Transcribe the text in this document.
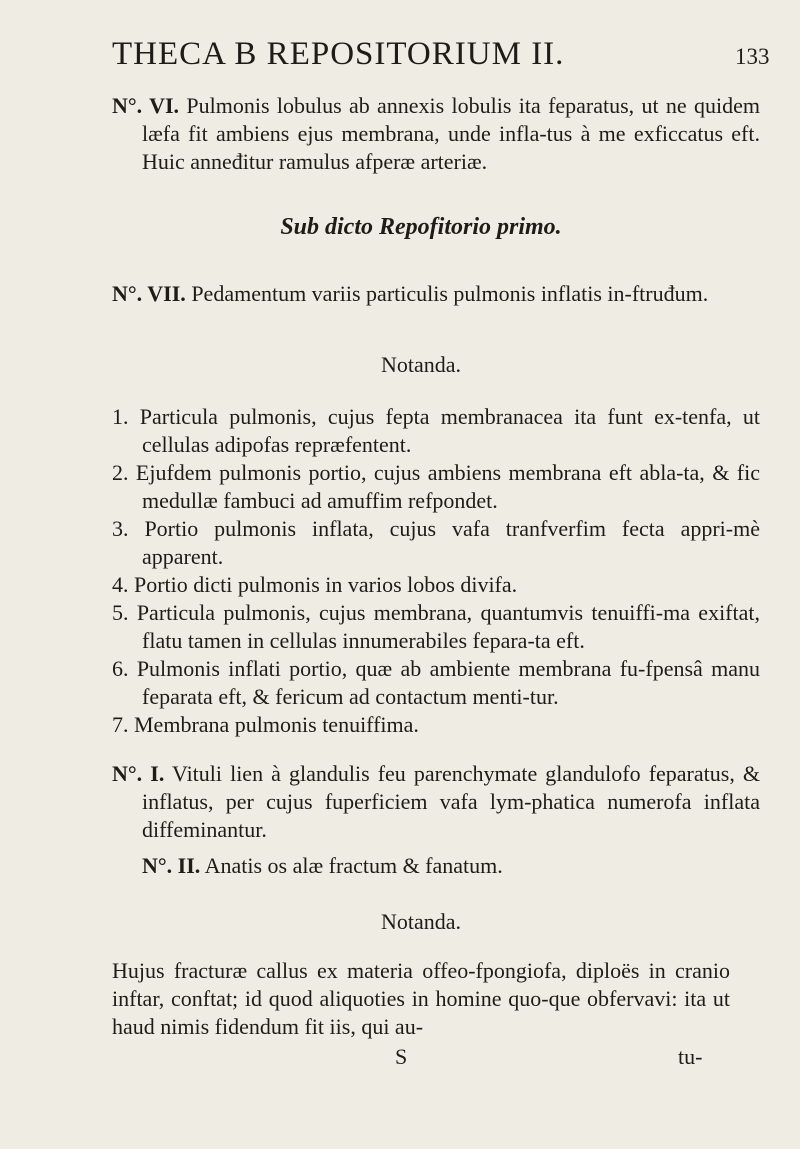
THECA B REPOSITORIUM II.	133

N°. VI. Pulmonis lobulus ab annexis lobulis ita feparatus, ut ne quidem læfa fit ambiens ejus membrana, unde infla-tus à me exficcatus eft. Huic anneđitur ramulus afperæ arteriæ.

Sub dicto Repofitorio primo.

N°. VII. Pedamentum variis particulis pulmonis inflatis in-ftruđum.

Notanda.

1. Particula pulmonis, cujus fepta membranacea ita funt ex-tenfa, ut cellulas adipofas repræfentent.

2. Ejufdem pulmonis portio, cujus ambiens membrana eft abla-ta, & fic medullæ fambuci ad amuffim refpondet.

3. Portio pulmonis inflata, cujus vafa tranfverfim fecta appri-mè apparent.

4. Portio dicti pulmonis in varios lobos divifa.

5. Particula pulmonis, cujus membrana, quantumvis tenuiffi-ma exiftat, flatu tamen in cellulas innumerabiles fepara-ta eft.

6. Pulmonis inflati portio, quæ ab ambiente membrana fu-fpensâ manu feparata eft, & fericum ad contactum menti-tur.

7. Membrana pulmonis tenuiffima.

N°. I. Vituli lien à glandulis feu parenchymate glandulofo feparatus, & inflatus, per cujus fuperficiem vafa lym-phatica numerofa inflata diffeminantur.

N°. II. Anatis os alæ fractum & fanatum.

Notanda.
Hujus fracturæ callus ex materia offeo-fpongiofa, diploës in cranio inftar, conftat; id quod aliquoties in homine quo-que obfervavi: ita ut haud nimis fidendum fit iis, qui au-
S	tu-
